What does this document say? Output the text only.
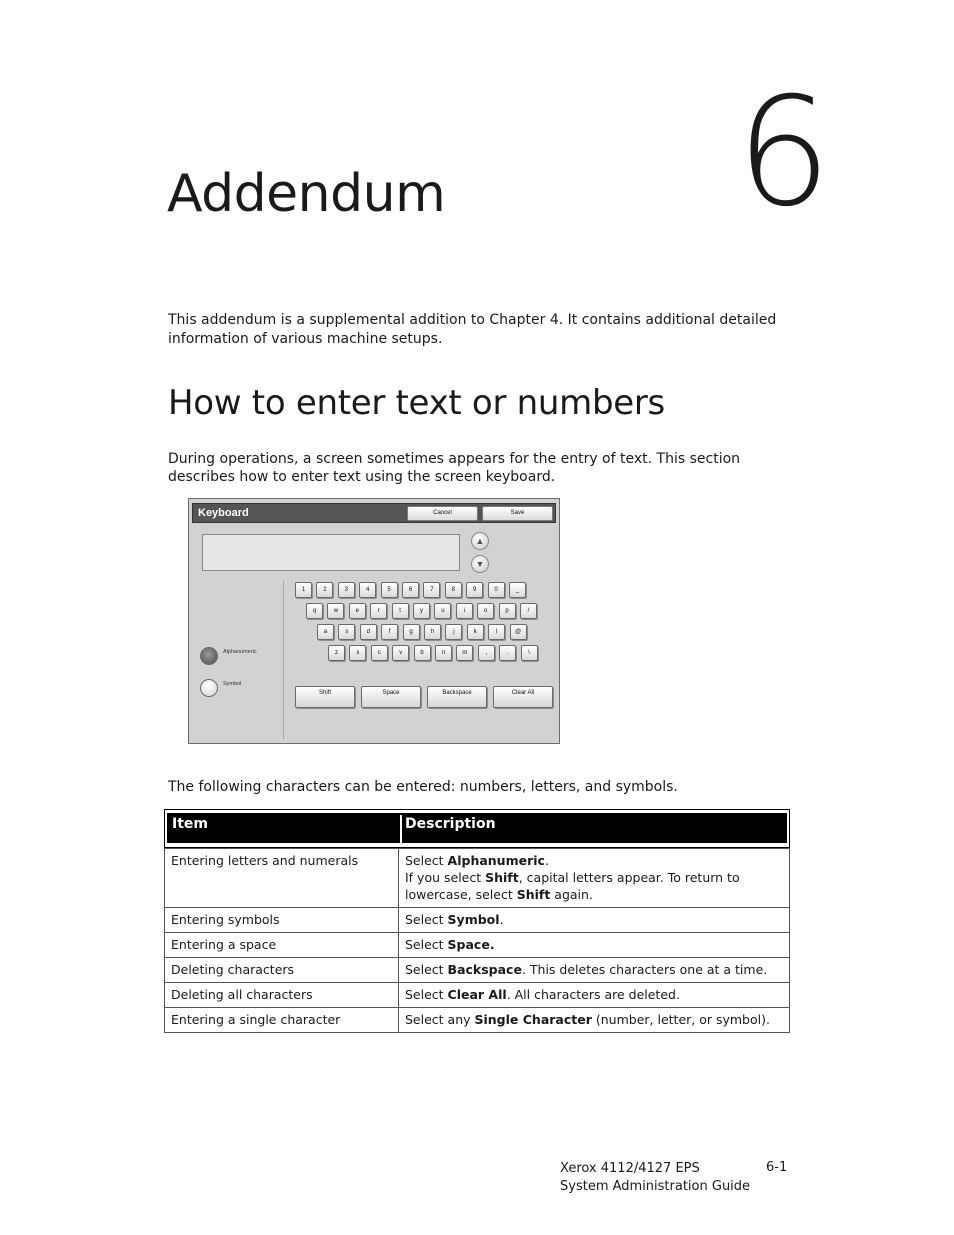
6
Addendum

This addendum is a supplemental addition to Chapter 4. It contains additional detailed information of various machine setups.

How to enter text or numbers

During operations, a screen sometimes appears for the entry of text. This section describes how to enter text using the screen keyboard.

Keyboard	Cancel	Save
▲
▼
1	2	3	4	5	6	7	8	9	0	_
q	w	e	r	t	y	u	i	o	p	/
a	s	d	f	g	h	j	k	l	@
z	x	c	v	b	n	m	,	.	\
Shift	Space	Backspace	Clear All
Alphanumeric
Symbol

The following characters can be entered: numbers, letters, and symbols.

Item	Description
Entering letters and numerals	Select Alphanumeric.
If you select Shift, capital letters appear. To return to lowercase, select Shift again.

Entering symbols	Select Symbol.

Entering a space	Select Space.

Deleting characters	Select Backspace. This deletes characters one at a time.

Deleting all characters	Select Clear All. All characters are deleted.

Entering a single character	Select any Single Character (number, letter, or symbol).
Xerox 4112/4127 EPS
System Administration Guide
6-1
